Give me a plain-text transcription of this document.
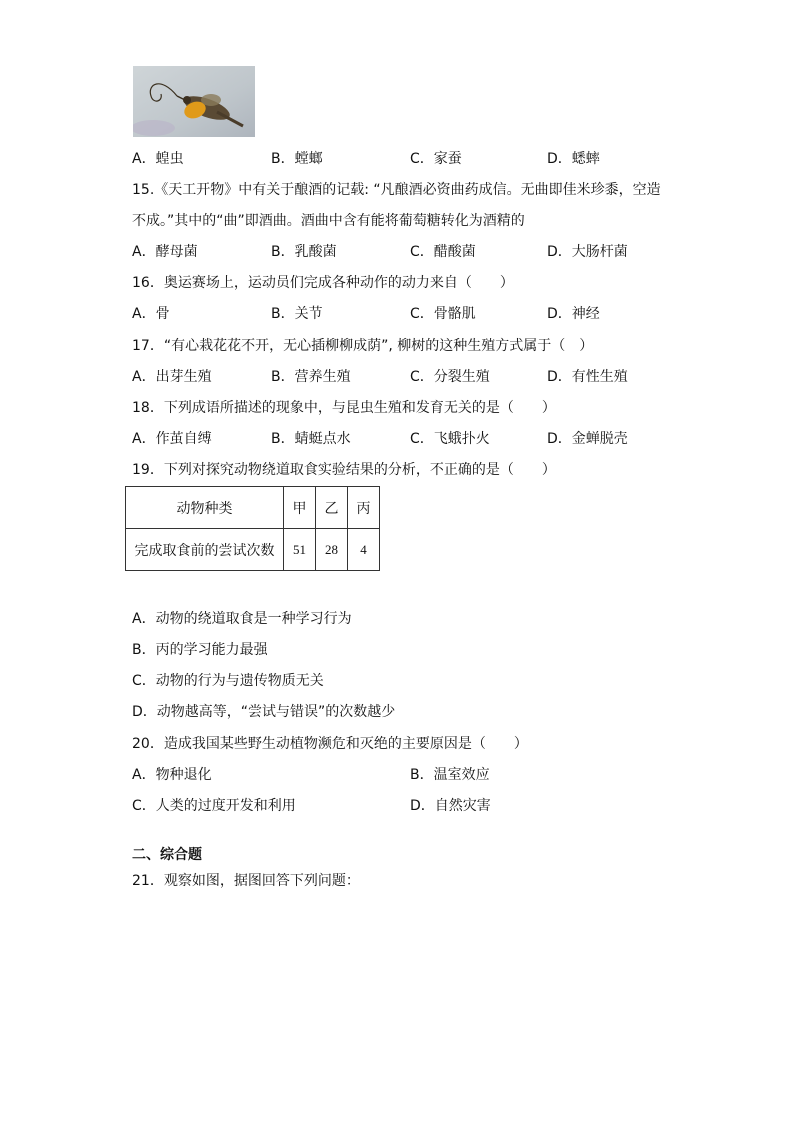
A．蝗虫	B．螳螂	C．家蚕	D．蟋蟀
15.《天工开物》中有关于酿酒的记载: “凡酿酒必资曲药成信。无曲即佳米珍黍，空造
不成。”其中的“曲”即酒曲。酒曲中含有能将葡萄糖转化为酒精的
A．酵母菌	B．乳酸菌	C．醋酸菌	D．大肠杆菌
16．奥运赛场上，运动员们完成各种动作的动力来自（　　）
A．骨	B．关节	C．骨骼肌	D．神经
17．“有心栽花花不开，无心插柳柳成荫”, 柳树的这种生殖方式属于（　）
A．出芽生殖	B．营养生殖	C．分裂生殖	D．有性生殖
18．下列成语所描述的现象中，与昆虫生殖和发育无关的是（　　）
A．作茧自缚	B．蜻蜓点水	C．飞蛾扑火	D．金蝉脱壳
19．下列对探究动物绕道取食实验结果的分析，不正确的是（　　）
动物种类	甲	乙	丙
完成取食前的尝试次数	51	28	4
A．动物的绕道取食是一种学习行为
B．丙的学习能力最强
C．动物的行为与遗传物质无关
D．动物越高等，“尝试与错误”的次数越少
20．造成我国某些野生动植物濒危和灭绝的主要原因是（　　）
A．物种退化	B．温室效应
C．人类的过度开发和利用	D．自然灾害
二、综合题
21．观察如图，据图回答下列问题：
